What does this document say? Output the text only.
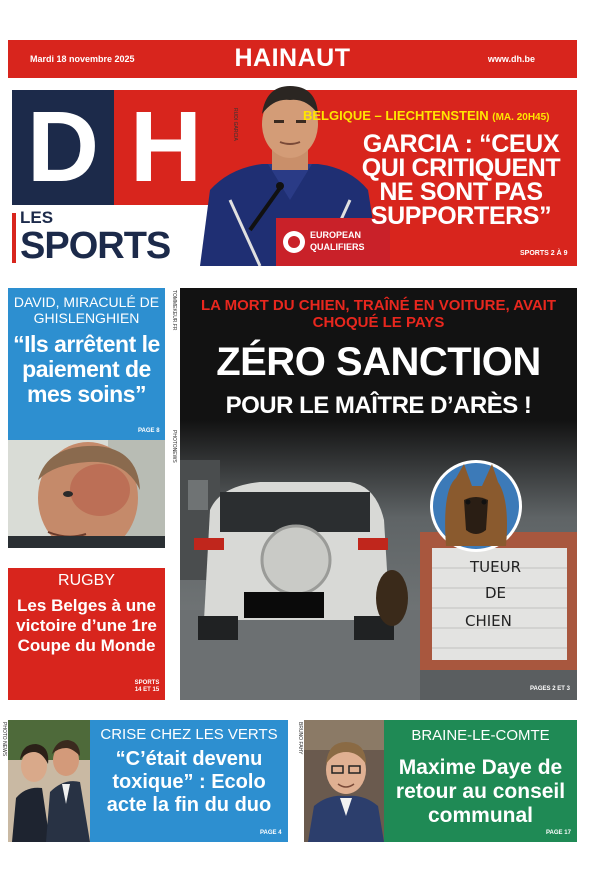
Mardi 18 novembre 2025	HAINAUT	www.dh.be
D H
LES
SPORTS	EUROPEAN
QUALIFIERS
RUDI GARCIA	BELGIQUE – LIECHTENSTEIN (MA. 20H45)
GARCIA : “CEUX QUI CRITIQUENT NE SONT PAS SUPPORTERS”
SPORTS 2 À 9
DAVID, MIRACULÉ DE GHISLENGHIEN
“Ils arrêtent le paiement de mes soins”
PAGE 8
RUGBY
Les Belges à une victoire d’une 1re Coupe du Monde
SPORTS
14 ET 15
TOMMEKEUR.FR
PHOTONEWS
LA MORT DU CHIEN, TRAÎNÉ EN VOITURE, AVAIT CHOQUÉ LE PAYS
ZÉRO SANCTION
POUR LE MAÎTRE D’ARÈS !
TUEUR
DE
CHIEN
PAGES 2 ET 3
PHOTO NEWS	CRISE CHEZ LES VERTS
“C’était devenu toxique” : Ecolo acte la fin du duo
PAGE 4
BRUNO FAHY	BRAINE-LE-COMTE
Maxime Daye de retour au conseil communal
PAGE 17
